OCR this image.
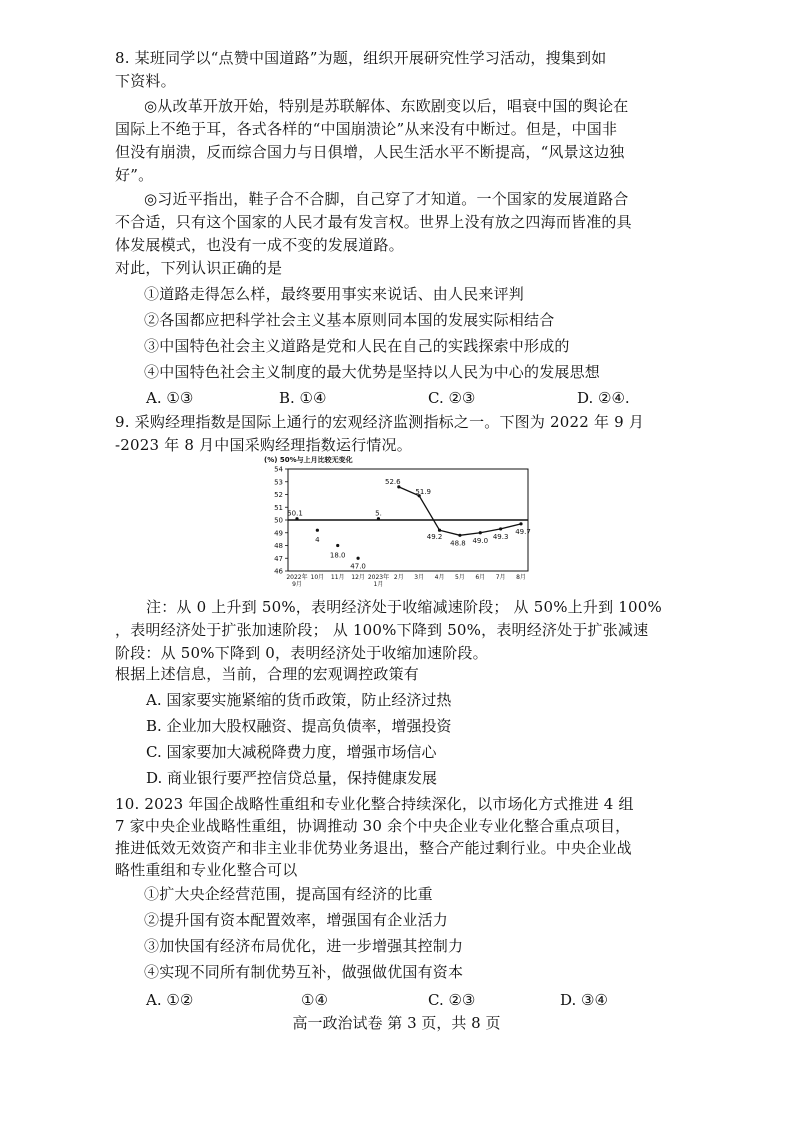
8. 某班同学以“点赞中国道路”为题，组织开展研究性学习活动，搜集到如
下资料。
◎从改革开放开始，特别是苏联解体、东欧剧变以后，唱衰中国的舆论在
国际上不绝于耳，各式各样的“中国崩溃论”从来没有中断过。但是，中国非
但没有崩溃，反而综合国力与日俱增，人民生活水平不断提高，“风景这边独
好”。
◎习近平指出，鞋子合不合脚，自己穿了才知道。一个国家的发展道路合
不合适，只有这个国家的人民才最有发言权。世界上没有放之四海而皆准的具
体发展模式，也没有一成不变的发展道路。
对此，下列认识正确的是
①道路走得怎么样，最终要用事实来说话、由人民来评判
②各国都应把科学社会主义基本原则同本国的发展实际相结合
③中国特色社会主义道路是党和人民在自己的实践探索中形成的
④中国特色社会主义制度的最大优势是坚持以人民为中心的发展思想
A. ①③	B. ①④	C. ②③	D. ②④.
9. 采购经理指数是国际上通行的宏观经济监测指标之一。下图为 2022 年 9 月
-2023 年 8 月中国采购经理指数运行情况。
(%) 50%与上月比较无变化
46
47
48
49
50
51
52
53
54
2022年
9月
10月 11月 12月 2023年
1月
2月 3月 4月 5月 6月 7月 8月
50.1
4
18.0
47.0
5.
52.6
51.9
49.2
48.8 49.0 49.3
49.7
注：从 0 上升到 50%，表明经济处于收缩减速阶段； 从 50%上升到 100%
，表明经济处于扩张加速阶段； 从 100%下降到 50%，表明经济处于扩张减速
阶段：从 50%下降到 0，表明经济处于收缩加速阶段。
根据上述信息，当前，合理的宏观调控政策有
A. 国家要实施紧缩的货币政策，防止经济过热
B. 企业加大股权融资、提高负债率，增强投资
C. 国家要加大减税降费力度，增强市场信心
D. 商业银行要严控信贷总量，保持健康发展
10. 2023 年国企战略性重组和专业化整合持续深化，以市场化方式推进 4 组
7 家中央企业战略性重组，协调推动 30 余个中央企业专业化整合重点项目，
推进低效无效资产和非主业非优势业务退出，整合产能过剩行业。中央企业战
略性重组和专业化整合可以
①扩大央企经营范围，提高国有经济的比重
②提升国有资本配置效率，增强国有企业活力
③加快国有经济布局优化，进一步增强其控制力
④实现不同所有制优势互补，做强做优国有资本
A. ①②	①④	C. ②③	D. ③④
高一政治试卷 第 3 页，共 8 页
